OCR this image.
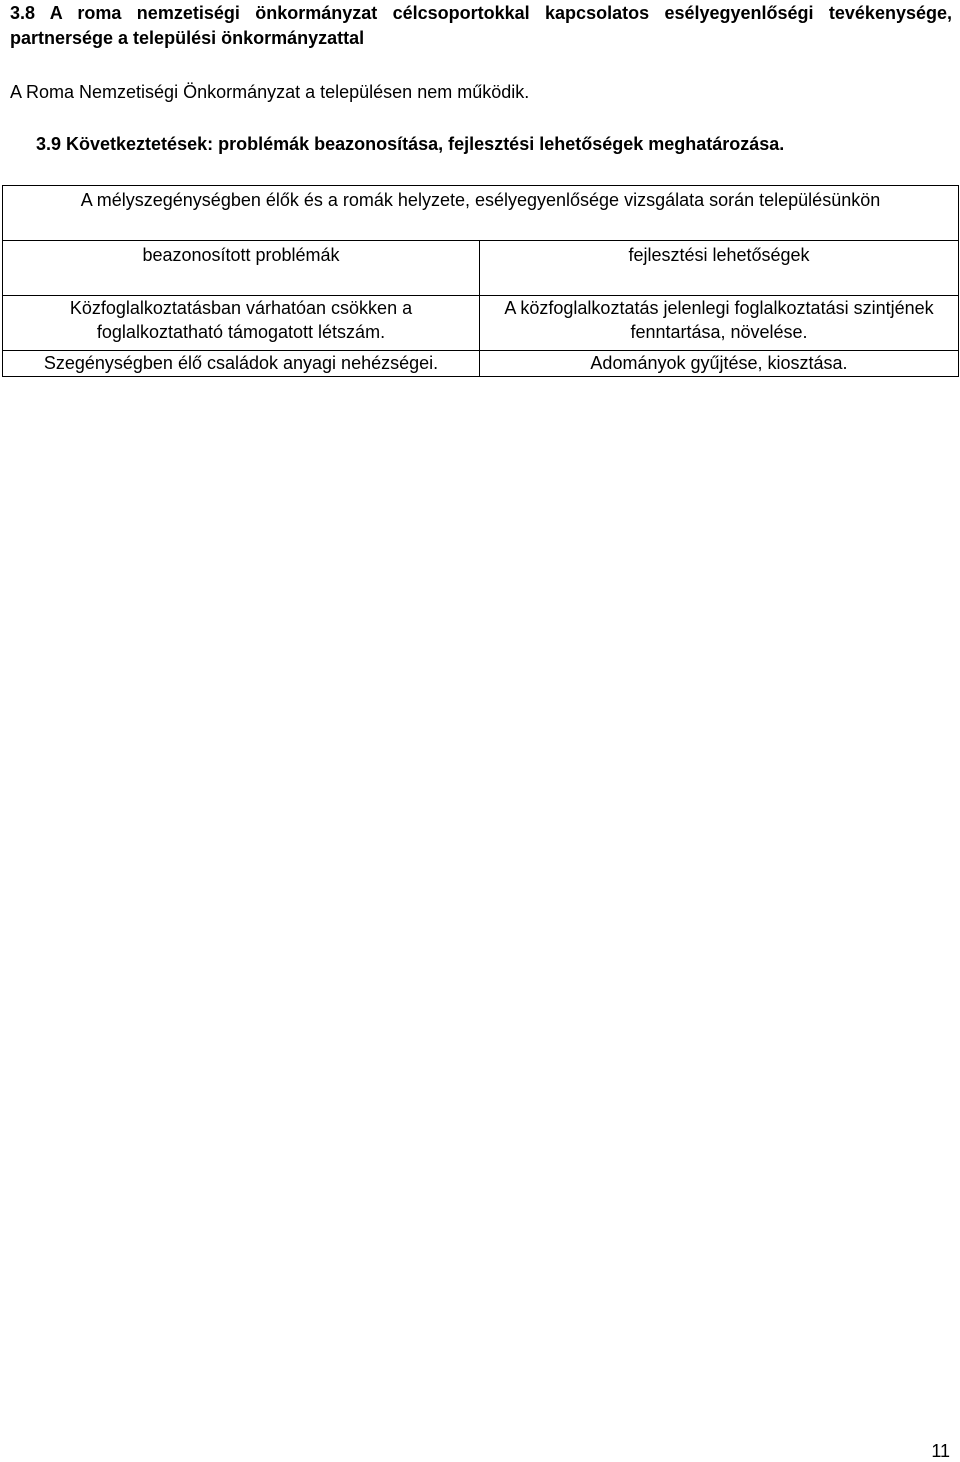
3.8 A roma nemzetiségi önkormányzat célcsoportokkal kapcsolatos esélyegyenlőségi tevékenysége, partnersége a települési önkormányzattal
A Roma Nemzetiségi Önkormányzat a településen nem működik.
3.9 Következtetések: problémák beazonosítása, fejlesztési lehetőségek meghatározása.
A mélyszegénységben élők és a romák helyzete, esélyegyenlősége vizsgálata során településünkön	
beazonosított problémák	fejlesztési lehetőségek
Közfoglalkoztatásban várhatóan csökken a foglalkoztatható támogatott létszám.	A közfoglalkoztatás jelenlegi foglalkoztatási szintjének fenntartása, növelése.
Szegénységben élő családok anyagi nehézségei.	Adományok gyűjtése, kiosztása.
11
